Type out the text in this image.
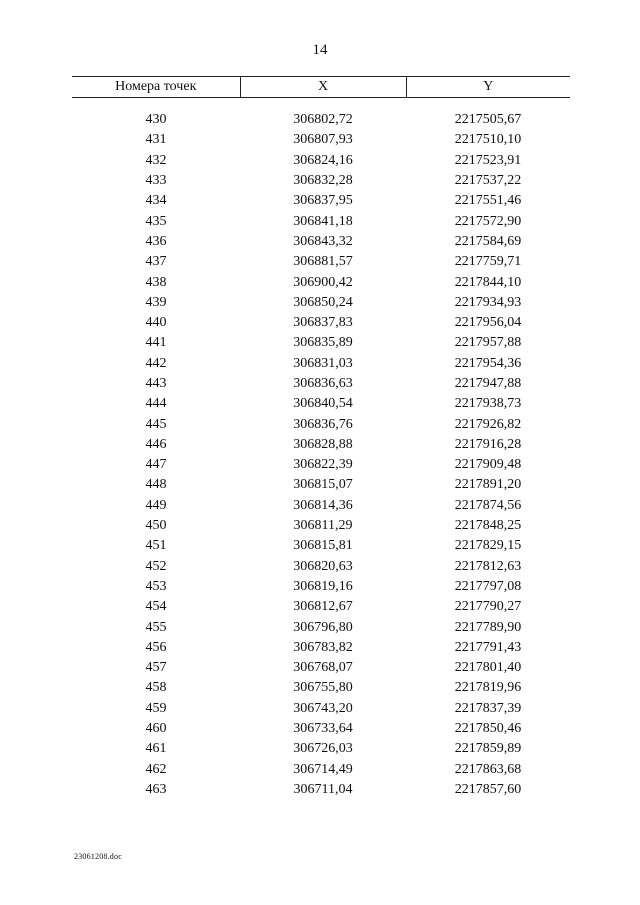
14
Номера точек	X	Y

430	306802,72	2217505,67
431	306807,93	2217510,10
432	306824,16	2217523,91
433	306832,28	2217537,22
434	306837,95	2217551,46
435	306841,18	2217572,90
436	306843,32	2217584,69
437	306881,57	2217759,71
438	306900,42	2217844,10
439	306850,24	2217934,93
440	306837,83	2217956,04
441	306835,89	2217957,88
442	306831,03	2217954,36
443	306836,63	2217947,88
444	306840,54	2217938,73
445	306836,76	2217926,82
446	306828,88	2217916,28
447	306822,39	2217909,48
448	306815,07	2217891,20
449	306814,36	2217874,56
450	306811,29	2217848,25
451	306815,81	2217829,15
452	306820,63	2217812,63
453	306819,16	2217797,08
454	306812,67	2217790,27
455	306796,80	2217789,90
456	306783,82	2217791,43
457	306768,07	2217801,40
458	306755,80	2217819,96
459	306743,20	2217837,39
460	306733,64	2217850,46
461	306726,03	2217859,89
462	306714,49	2217863,68
463	306711,04	2217857,60
23061208.doc
